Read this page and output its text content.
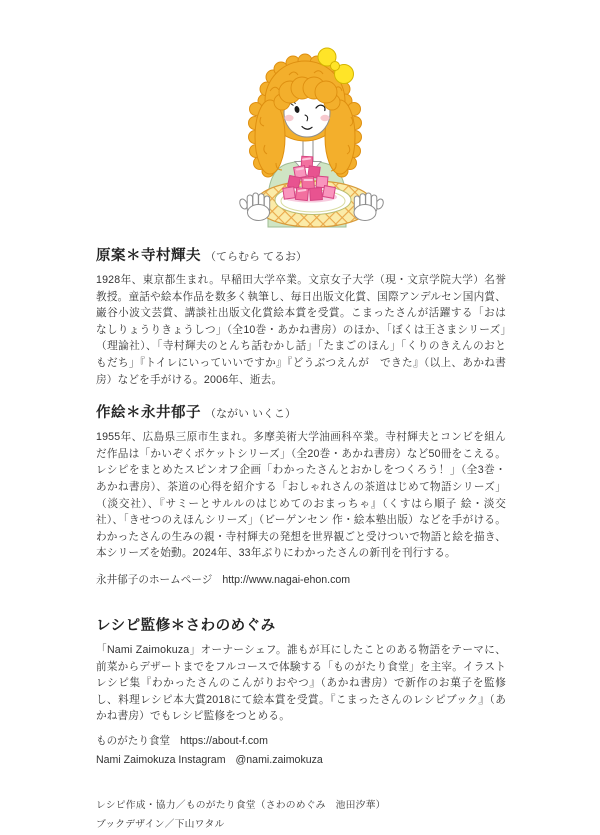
原案＊寺村輝夫 （てらむら てるお）

1928年、東京都生まれ。早稲田大学卒業。文京女子大学（現・文京学院大学）名誉教授。童話や絵本作品を数多く執筆し、毎日出版文化賞、国際アンデルセン国内賞、巌谷小波文芸賞、講談社出版文化賞絵本賞を受賞。こまったさんが活躍する「おはなしりょうりきょうしつ」（全10巻・あかね書房）のほか、「ぼくは王さまシリーズ」（理論社）、「寺村輝夫のとんち話むかし話」「たまごのほん」「くりのきえんのおともだち」『トイレにいっていいですか』『どうぶつえんが　できた』（以上、あかね書房）などを手がける。2006年、逝去。

作絵＊永井郁子 （ながい いくこ）

1955年、広島県三原市生まれ。多摩美術大学油画科卒業。寺村輝夫とコンビを組んだ作品は「かいぞくポケットシリーズ」（全20巻・あかね書房）など50冊をこえる。レシピをまとめたスピンオフ企画「わかったさんとおかしをつくろう！」（全3巻・あかね書房）、茶道の心得を紹介する「おしゃれさんの茶道はじめて物語シリーズ」（淡交社）、『サミーとサルルのはじめてのおまっちゃ』（くすはら順子 絵・淡交社）、「きせつのえほんシリーズ」（ビーゲンセン 作・絵本塾出版）などを手がける。わかったさんの生みの親・寺村輝夫の発想を世界観ごと受けついで物語と絵を描き、本シリーズを始動。2024年、33年ぶりにわかったさんの新刊を刊行する。

永井郁子のホームページ http://www.nagai-ehon.com

レシピ監修＊さわのめぐみ

「Nami Zaimokuza」オーナーシェフ。誰もが耳にしたことのある物語をテーマに、前菜からデザートまでをフルコースで体験する「ものがたり食堂」を主宰。イラストレシピ集『わかったさんのこんがりおやつ』（あかね書房）で新作のお菓子を監修し、料理レシピ本大賞2018にて絵本賞を受賞。『こまったさんのレシピブック』（あかね書房）でもレシピ監修をつとめる。

ものがたり食堂 https://about-f.com

Nami Zaimokuza Instagram @nami.zaimokuza

レシピ作成・協力／ものがたり食堂（さわのめぐみ　池田汐華）

ブックデザイン／下山ワタル
